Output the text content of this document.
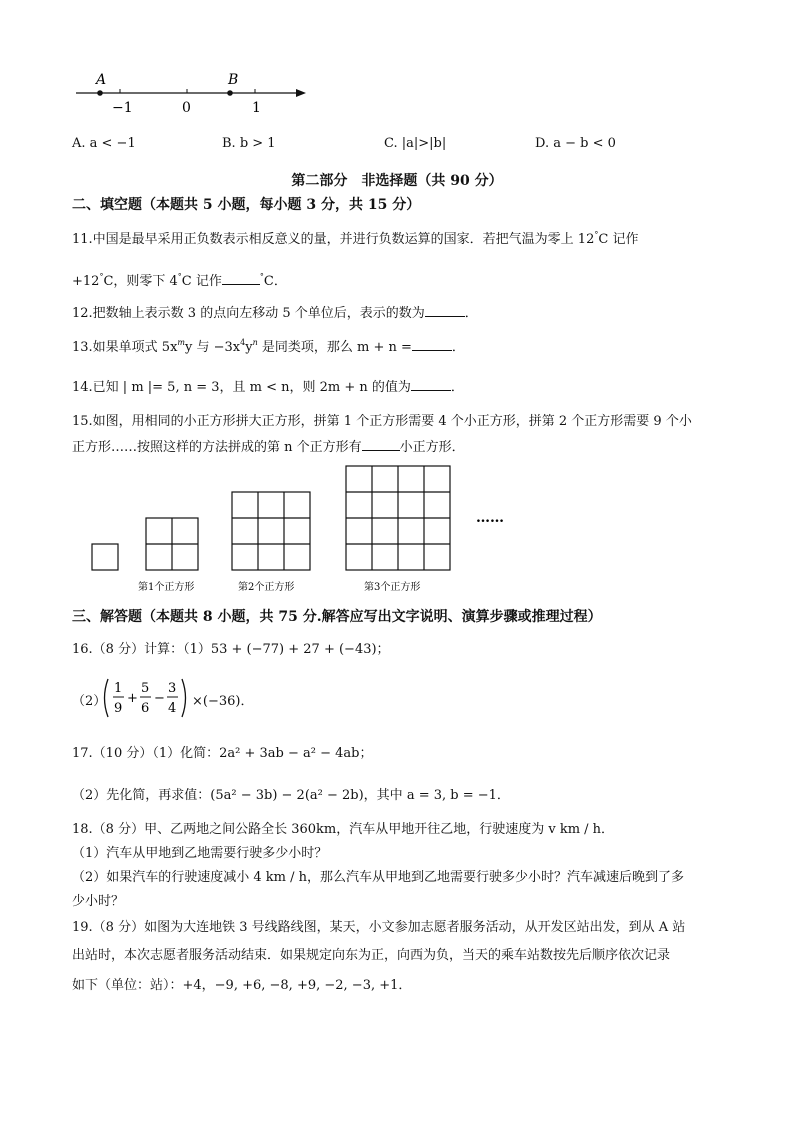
A	B
−1	0	1
A. a < −1	B. b > 1	C. |a|>|b|	D. a − b < 0
第二部分　非选择题（共 90 分）
二、填空题（本题共 5 小题，每小题 3 分，共 15 分）
11.中国是最早采用正负数表示相反意义的量，并进行负数运算的国家．若把气温为零上 12°C 记作
+12°C，则零下 4°C 记作	°C．
12.把数轴上表示数 3 的点向左移动 5 个单位后，表示的数为	．
13.如果单项式 $5x^my$ 与 $-3x^4y^n$ 是同类项，那么 m + n =	．
14.已知 | m |= 5, n = 3，且 m < n，则 2m + n 的值为	．
15.如图，用相同的小正方形拼大正方形，拼第 1 个正方形需要 4 个小正方形，拼第 2 个正方形需要 9 个小
正方形……按照这样的方法拼成的第 n 个正方形有	小正方形．
……
第1个正方形	第2个正方形	第3个正方形
三、解答题（本题共 8 小题，共 75 分.解答应写出文字说明、演算步骤或推理过程）
16.（8 分）计算：（1）53 + (−77) + 27 + (−43)；
（2）
1
9
+
5
6
−
3
4 ×(−36)．
17.（10 分）（1）化简：2a² + 3ab − a² − 4ab；
（2）先化简，再求值：(5a² − 3b) − 2(a² − 2b)，其中 a = 3, b = −1．
18.（8 分）甲、乙两地之间公路全长 360km，汽车从甲地开往乙地，行驶速度为 v km / h．
（1）汽车从甲地到乙地需要行驶多少小时？
（2）如果汽车的行驶速度减小 4 km / h，那么汽车从甲地到乙地需要行驶多少小时？汽车减速后晚到了多
少小时？
19.（8 分）如图为大连地铁 3 号线路线图，某天，小文参加志愿者服务活动，从开发区站出发，到从 A 站
出站时，本次志愿者服务活动结束．如果规定向东为正，向西为负，当天的乘车站数按先后顺序依次记录
如下（单位：站）：+4，−9, +6, −8, +9, −2, −3, +1．
